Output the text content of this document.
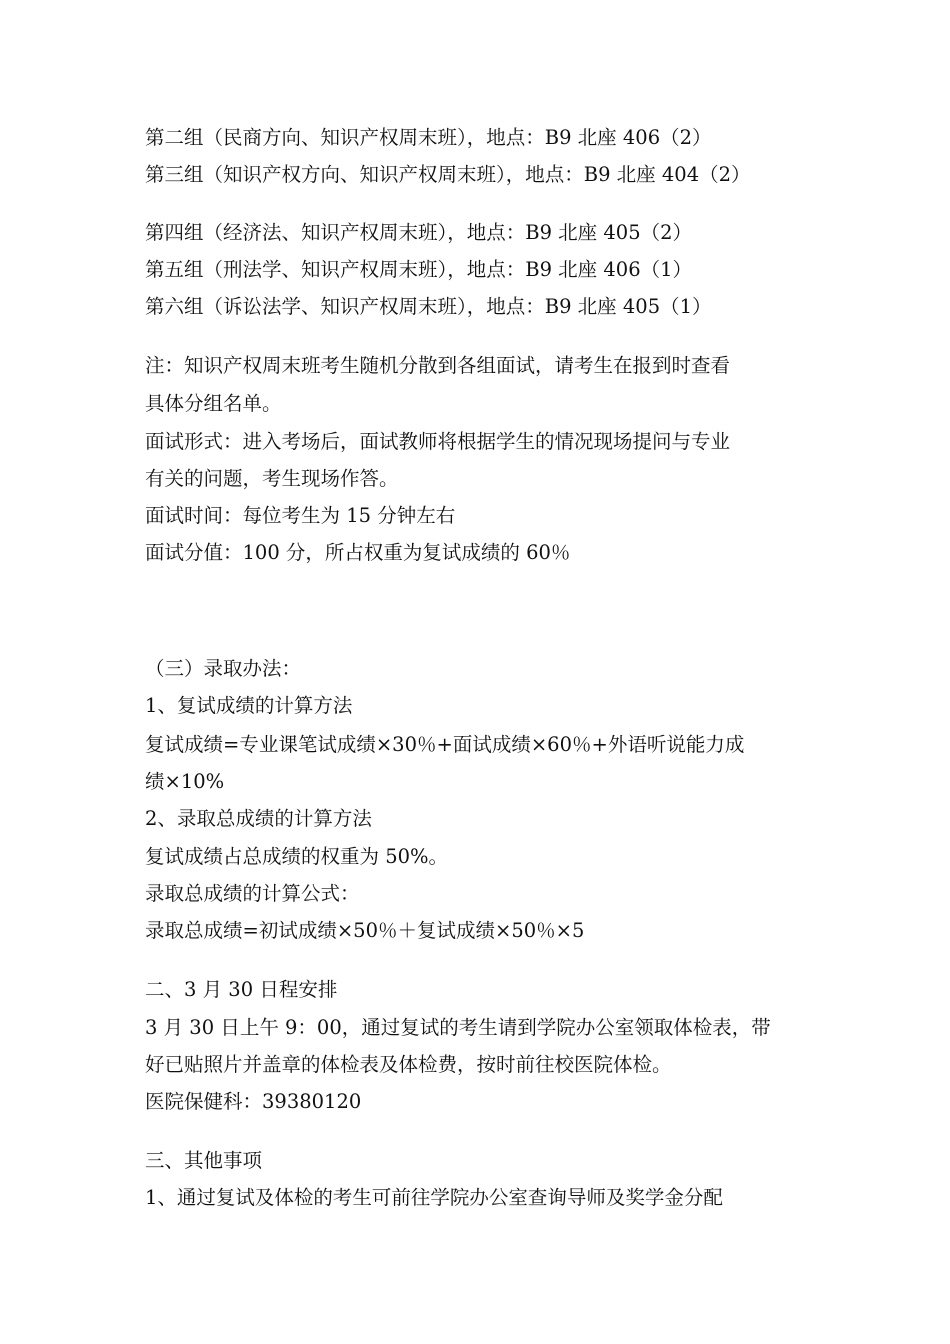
第二组（民商方向、知识产权周末班），地点：B9 北座 406（2）
第三组（知识产权方向、知识产权周末班），地点：B9 北座 404（2）
第四组（经济法、知识产权周末班），地点：B9 北座 405（2）
第五组（刑法学、知识产权周末班），地点：B9 北座 406（1）
第六组（诉讼法学、知识产权周末班），地点：B9 北座 405（1）
注：知识产权周末班考生随机分散到各组面试，请考生在报到时查看
具体分组名单。
面试形式：进入考场后，面试教师将根据学生的情况现场提问与专业
有关的问题，考生现场作答。
面试时间：每位考生为 15 分钟左右
面试分值：100 分，所占权重为复试成绩的 60％
（三）录取办法：
1、复试成绩的计算方法
复试成绩=专业课笔试成绩×30％+面试成绩×60％+外语听说能力成
绩×10%
2、录取总成绩的计算方法
复试成绩占总成绩的权重为 50%。
录取总成绩的计算公式：
录取总成绩=初试成绩×50％＋复试成绩×50％×5
二、3 月 30 日程安排
3 月 30 日上午 9：00，通过复试的考生请到学院办公室领取体检表，带
好已贴照片并盖章的体检表及体检费，按时前往校医院体检。
医院保健科：39380120
三、其他事项
1、通过复试及体检的考生可前往学院办公室查询导师及奖学金分配
